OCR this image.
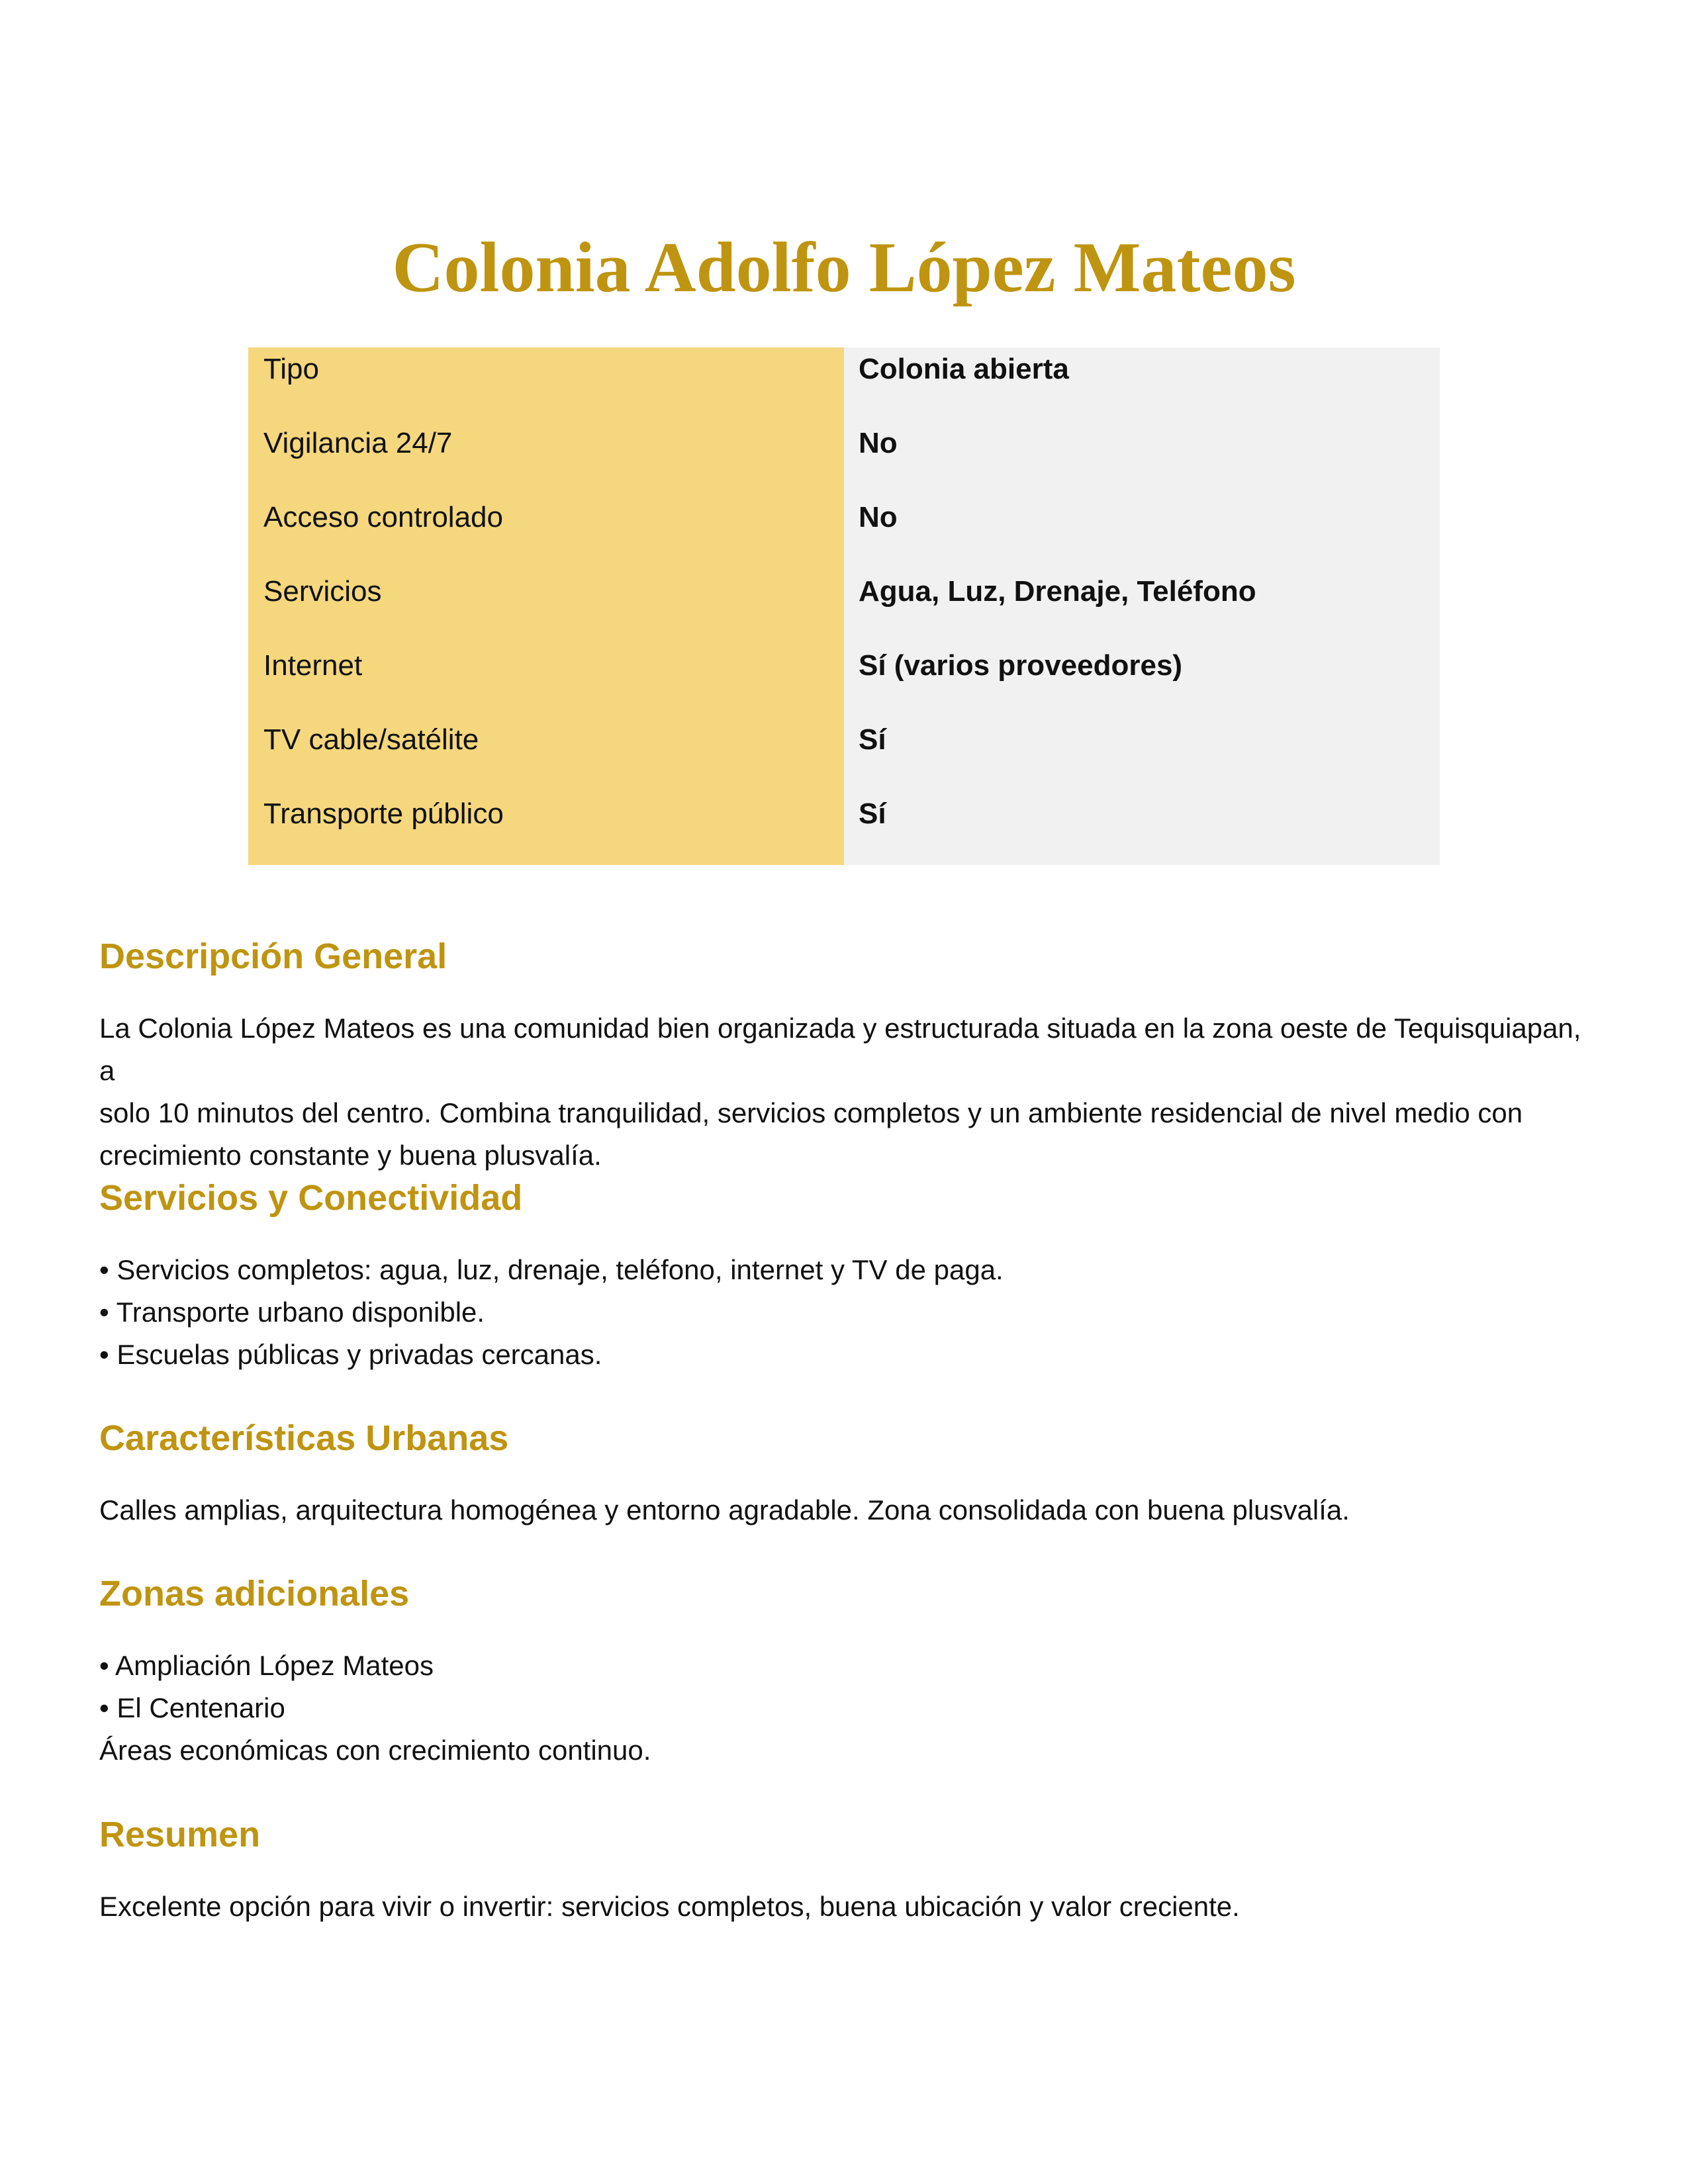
Colonia Adolfo López Mateos
Tipo
Vigilancia 24/7
Acceso controlado
Servicios
Internet
TV cable/satélite
Transporte público
Colonia abierta
No
No
Agua, Luz, Drenaje, Teléfono
Sí (varios proveedores)
Sí
Sí
Descripción General

La Colonia López Mateos es una comunidad bien organizada y estructurada situada en la zona oeste de Tequisquiapan, a
solo 10 minutos del centro. Combina tranquilidad, servicios completos y un ambiente residencial de nivel medio con
crecimiento constante y buena plusvalía.

Servicios y Conectividad

• Servicios completos: agua, luz, drenaje, teléfono, internet y TV de paga.
• Transporte urbano disponible.
• Escuelas públicas y privadas cercanas.

Características Urbanas

Calles amplias, arquitectura homogénea y entorno agradable. Zona consolidada con buena plusvalía.

Zonas adicionales

• Ampliación López Mateos
• El Centenario
Áreas económicas con crecimiento continuo.

Resumen

Excelente opción para vivir o invertir: servicios completos, buena ubicación y valor creciente.
